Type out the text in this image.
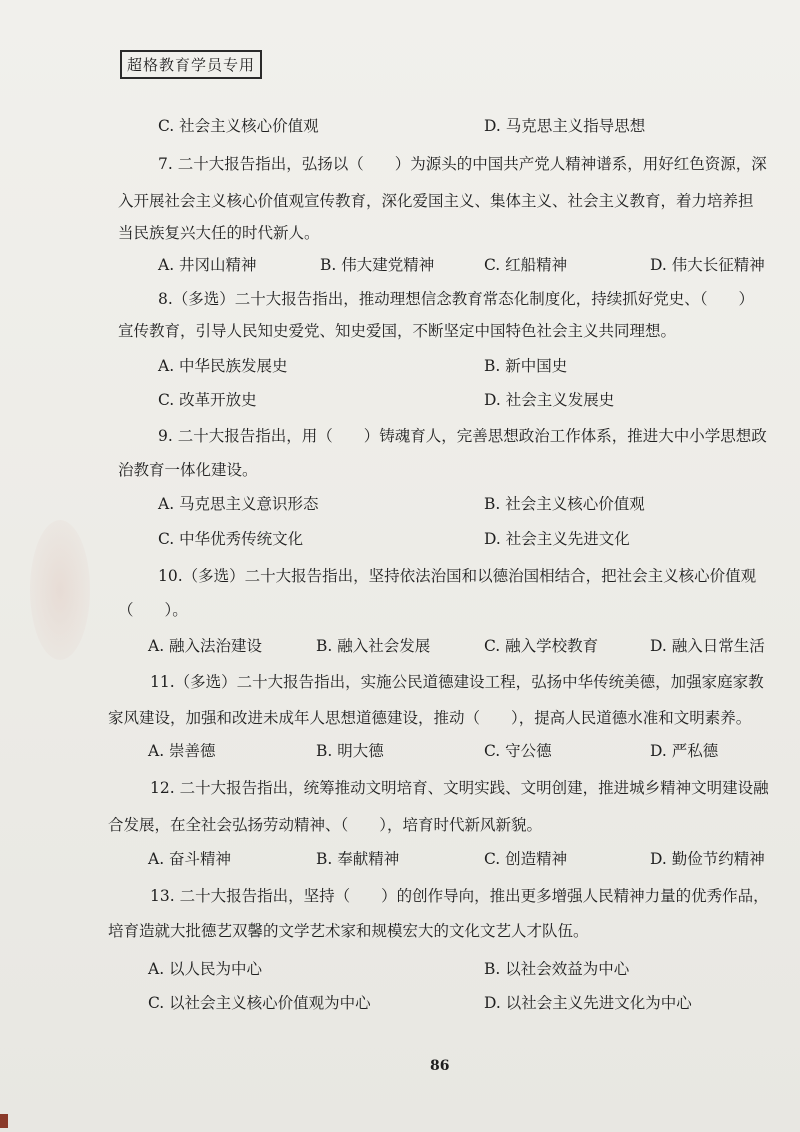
超格教育学员专用
C. 社会主义核心价值观	D. 马克思主义指导思想
7. 二十大报告指出，弘扬以（　　）为源头的中国共产党人精神谱系，用好红色资源，深
入开展社会主义核心价值观宣传教育，深化爱国主义、集体主义、社会主义教育，着力培养担
当民族复兴大任的时代新人。
A. 井冈山精神	B. 伟大建党精神	C. 红船精神	D. 伟大长征精神
8.（多选）二十大报告指出，推动理想信念教育常态化制度化，持续抓好党史、（　　）
宣传教育，引导人民知史爱党、知史爱国，不断坚定中国特色社会主义共同理想。
A. 中华民族发展史	B. 新中国史
C. 改革开放史	D. 社会主义发展史
9. 二十大报告指出，用（　　）铸魂育人，完善思想政治工作体系，推进大中小学思想政
治教育一体化建设。
A. 马克思主义意识形态	B. 社会主义核心价值观
C. 中华优秀传统文化	D. 社会主义先进文化
10.（多选）二十大报告指出，坚持依法治国和以德治国相结合，把社会主义核心价值观
（　　）。
A. 融入法治建设	B. 融入社会发展	C. 融入学校教育	D. 融入日常生活
11.（多选）二十大报告指出，实施公民道德建设工程，弘扬中华传统美德，加强家庭家教
家风建设，加强和改进未成年人思想道德建设，推动（　　），提高人民道德水准和文明素养。
A. 崇善德	B. 明大德	C. 守公德	D. 严私德
12. 二十大报告指出，统筹推动文明培育、文明实践、文明创建，推进城乡精神文明建设融
合发展，在全社会弘扬劳动精神、（　　），培育时代新风新貌。
A. 奋斗精神	B. 奉献精神	C. 创造精神	D. 勤俭节约精神
13. 二十大报告指出，坚持（　　）的创作导向，推出更多增强人民精神力量的优秀作品，
培育造就大批德艺双馨的文学艺术家和规模宏大的文化文艺人才队伍。
A. 以人民为中心	B. 以社会效益为中心
C. 以社会主义核心价值观为中心	D. 以社会主义先进文化为中心
86
